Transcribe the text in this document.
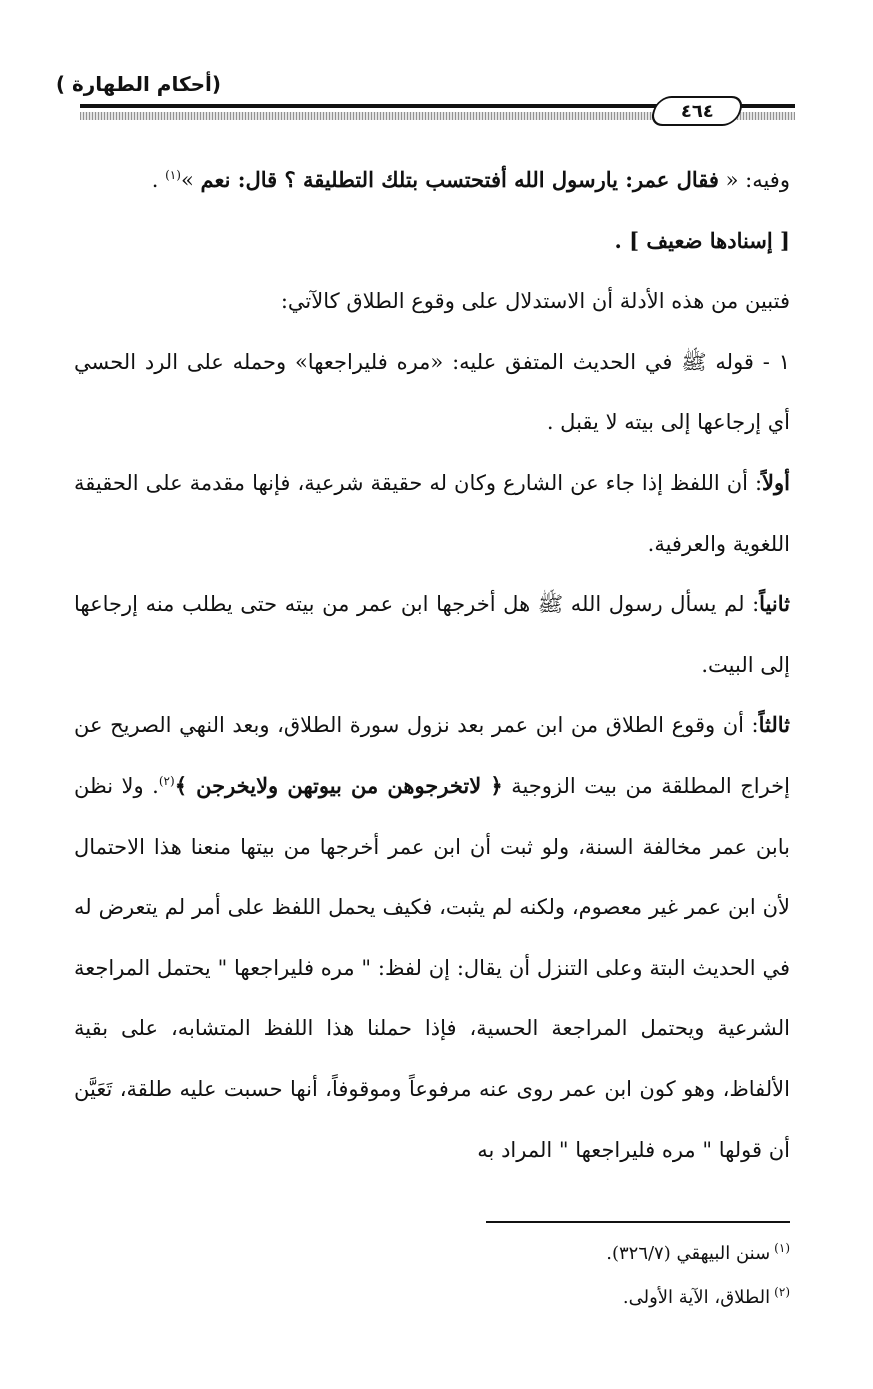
(أحكام الطهارة )
٤٦٤

وفيه: « فقال عمر: يارسول الله أفتحتسب بتلك التطليقة ؟ قال: نعم »$^{(١)}$ .

[ إسنادها ضعيف ] .

فتبين من هذه الأدلة أن الاستدلال على وقوع الطلاق كالآتي:

١ - قوله ﷺ في الحديث المتفق عليه: «مره فليراجعها» وحمله على الرد الحسي أي إرجاعها إلى بيته لا يقبل .

أولاً: أن اللفظ إذا جاء عن الشارع وكان له حقيقة شرعية، فإنها مقدمة على الحقيقة اللغوية والعرفية.

ثانياً: لم يسأل رسول الله ﷺ هل أخرجها ابن عمر من بيته حتى يطلب منه إرجاعها إلى البيت.

ثالثاً: أن وقوع الطلاق من ابن عمر بعد نزول سورة الطلاق، وبعد النهي الصريح عن إخراج المطلقة من بيت الزوجية ﴿ لاتخرجوهن من بيوتهن ولايخرجن ﴾$^{(٢)}$. ولا نظن بابن عمر مخالفة السنة، ولو ثبت أن ابن عمر أخرجها من بيتها منعنا هذا الاحتمال لأن ابن عمر غير معصوم، ولكنه لم يثبت، فكيف يحمل اللفظ على أمر لم يتعرض له في الحديث البتة وعلى التنزل أن يقال: إن لفظ: " مره فليراجعها " يحتمل المراجعة الشرعية ويحتمل المراجعة الحسية، فإذا حملنا هذا اللفظ المتشابه، على بقية الألفاظ، وهو كون ابن عمر روى عنه مرفوعاً وموقوفاً، أنها حسبت عليه طلقة، تَعَيَّن أن قولها " مره فليراجعها " المراد به

$^{(١)}$سنن البيهقي (٣٢٦/٧).
$^{(٢)}$الطلاق، الآية الأولى.
